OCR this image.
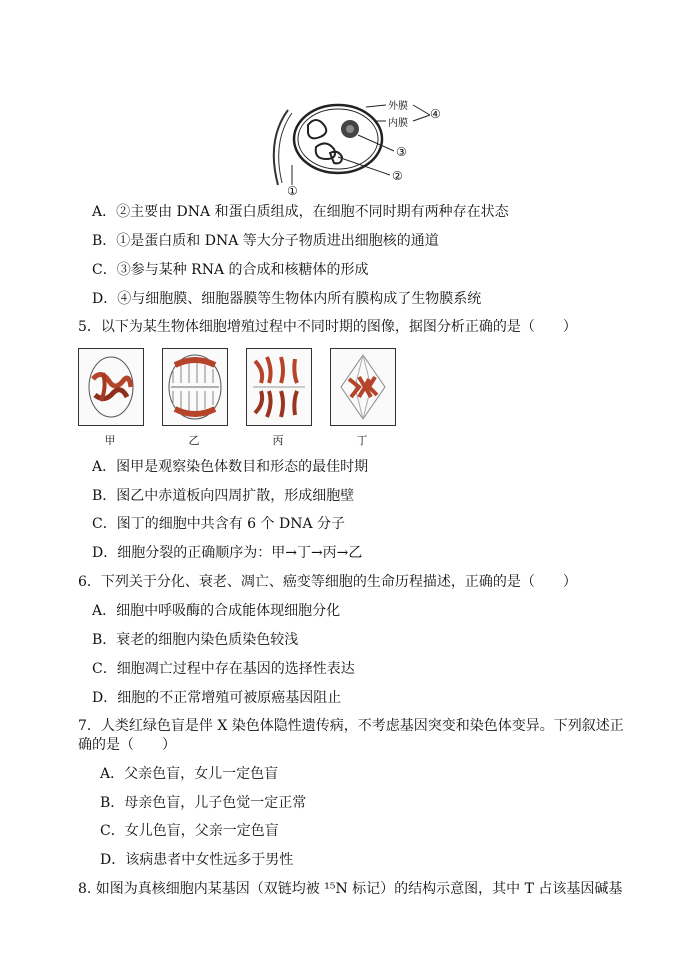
外膜
内膜
④
③
②
①
A．②主要由 DNA 和蛋白质组成，在细胞不同时期有两种存在状态
B．①是蛋白质和 DNA 等大分子物质进出细胞核的通道
C．③参与某种 RNA 的合成和核糖体的形成
D．④与细胞膜、细胞器膜等生物体内所有膜构成了生物膜系统
5．以下为某生物体细胞增殖过程中不同时期的图像，据图分析正确的是（　　）
甲	乙	丙	丁
A．图甲是观察染色体数目和形态的最佳时期
B．图乙中赤道板向四周扩散，形成细胞壁
C．图丁的细胞中共含有 6 个 DNA 分子
D．细胞分裂的正确顺序为：甲→丁→丙→乙
6．下列关于分化、衰老、凋亡、癌变等细胞的生命历程描述，正确的是（　　）
A．细胞中呼吸酶的合成能体现细胞分化
B．衰老的细胞内染色质染色较浅
C．细胞凋亡过程中存在基因的选择性表达
D．细胞的不正常增殖可被原癌基因阻止
7．人类红绿色盲是伴 X 染色体隐性遗传病，不考虑基因突变和染色体变异。下列叙述正
确的是（　　）
A．父亲色盲，女儿一定色盲
B．母亲色盲，儿子色觉一定正常
C．女儿色盲，父亲一定色盲
D．该病患者中女性远多于男性
8. 如图为真核细胞内某基因（双链均被 ¹⁵N 标记）的结构示意图，其中 T 占该基因碱基
